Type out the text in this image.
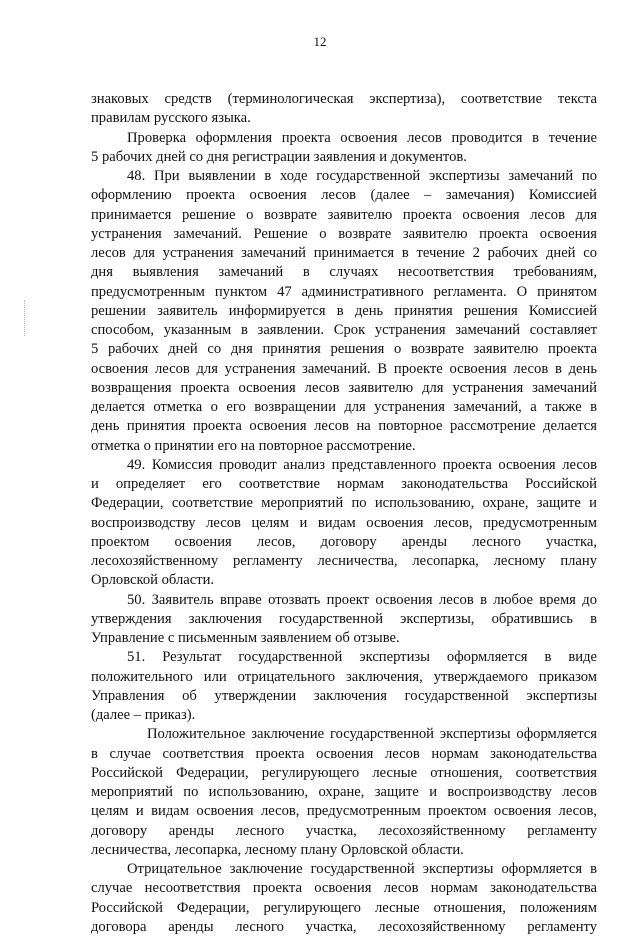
12
знаковых средств (терминологическая экспертиза), соответствие текста
правилам русского языка.
Проверка оформления проекта освоения лесов проводится в течение
5 рабочих дней со дня регистрации заявления и документов.
48. При выявлении в ходе государственной экспертизы замечаний по
оформлению проекта освоения лесов (далее – замечания) Комиссией
принимается решение о возврате заявителю проекта освоения лесов для
устранения замечаний. Решение о возврате заявителю проекта освоения
лесов для устранения замечаний принимается в течение 2 рабочих дней со
дня выявления замечаний в случаях несоответствия требованиям,
предусмотренным пунктом 47 административного регламента. О принятом
решении заявитель информируется в день принятия решения Комиссией
способом, указанным в заявлении. Срок устранения замечаний составляет
5 рабочих дней со дня принятия решения о возврате заявителю проекта
освоения лесов для устранения замечаний. В проекте освоения лесов в день
возвращения проекта освоения лесов заявителю для устранения замечаний
делается отметка о его возвращении для устранения замечаний, а также в
день принятия проекта освоения лесов на повторное рассмотрение делается
отметка о принятии его на повторное рассмотрение.
49. Комиссия проводит анализ представленного проекта освоения лесов
и определяет его соответствие нормам законодательства Российской
Федерации, соответствие мероприятий по использованию, охране, защите и
воспроизводству лесов целям и видам освоения лесов, предусмотренным
проектом освоения лесов, договору аренды лесного участка,
лесохозяйственному регламенту лесничества, лесопарка, лесному плану
Орловской области.
50. Заявитель вправе отозвать проект освоения лесов в любое время до
утверждения заключения государственной экспертизы, обратившись в
Управление с письменным заявлением об отзыве.
51. Результат государственной экспертизы оформляется в виде
положительного или отрицательного заключения, утверждаемого приказом
Управления об утверждении заключения государственной экспертизы
(далее – приказ).
Положительное заключение государственной экспертизы оформляется
в случае соответствия проекта освоения лесов нормам законодательства
Российской Федерации, регулирующего лесные отношения, соответствия
мероприятий по использованию, охране, защите и воспроизводству лесов
целям и видам освоения лесов, предусмотренным проектом освоения лесов,
договору аренды лесного участка, лесохозяйственному регламенту
лесничества, лесопарка, лесному плану Орловской области.
Отрицательное заключение государственной экспертизы оформляется в
случае несоответствия проекта освоения лесов нормам законодательства
Российской Федерации, регулирующего лесные отношения, положениям
договора аренды лесного участка, лесохозяйственному регламенту
